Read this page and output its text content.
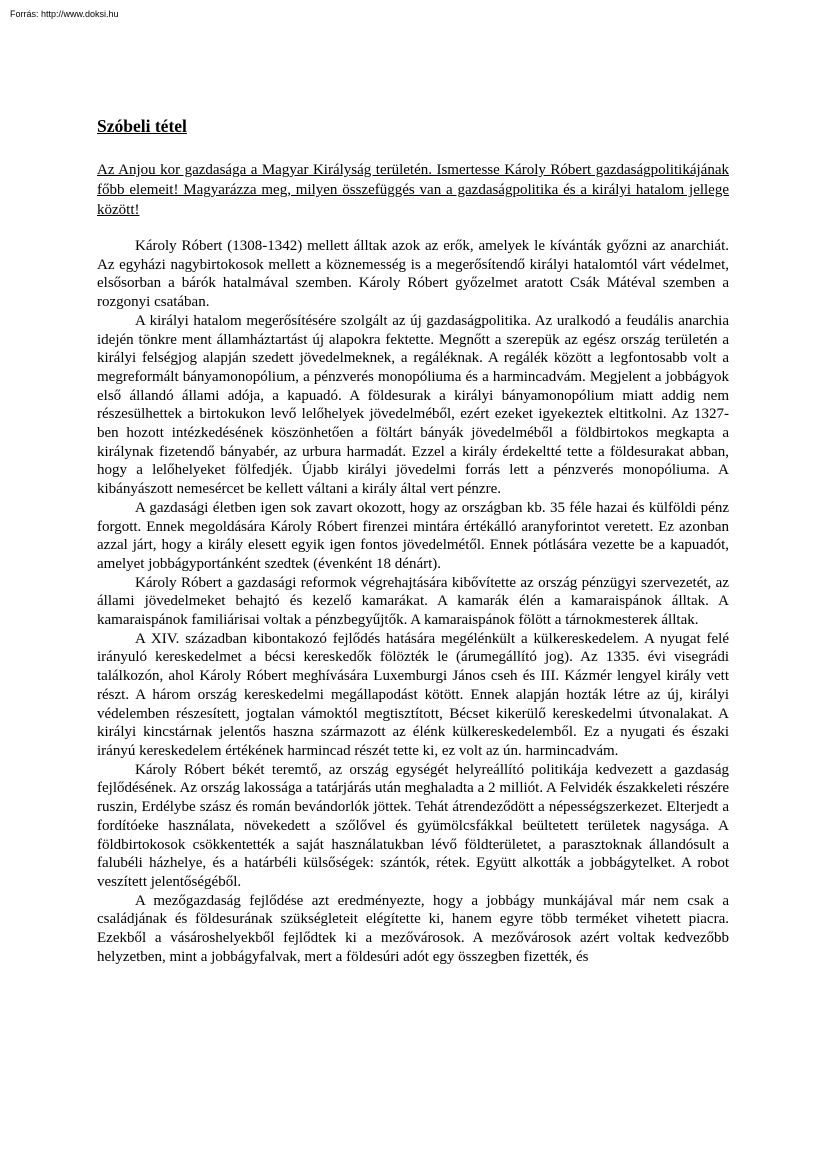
Forrás: http://www.doksi.hu
Szóbeli tétel

Az Anjou kor gazdasága a Magyar Királyság területén. Ismertesse Károly Róbert gazdaságpolitikájának főbb elemeit! Magyarázza meg, milyen összefüggés van a gazdaságpolitika és a királyi hatalom jellege között!

Károly Róbert (1308-1342) mellett álltak azok az erők, amelyek le kívánták győzni az anarchiát. Az egyházi nagybirtokosok mellett a köznemesség is a megerősítendő királyi hatalomtól várt védelmet, elsősorban a bárók hatalmával szemben. Károly Róbert győzelmet aratott Csák Mátéval szemben a rozgonyi csatában.

A királyi hatalom megerősítésére szolgált az új gazdaságpolitika. Az uralkodó a feudális anarchia idején tönkre ment államháztartást új alapokra fektette. Megnőtt a szerepük az egész ország területén a királyi felségjog alapján szedett jövedelmeknek, a regáléknak. A regálék között a legfontosabb volt a megreformált bányamonopólium, a pénzverés monopóliuma és a harmincadvám. Megjelent a jobbágyok első állandó állami adója, a kapuadó. A földesurak a királyi bányamonopólium miatt addig nem részesülhettek a birtokukon levő lelőhelyek jövedelméből, ezért ezeket igyekeztek eltitkolni. Az 1327-ben hozott intézkedésének köszönhetően a föltárt bányák jövedelméből a földbirtokos megkapta a királynak fizetendő bányabér, az urbura harmadát. Ezzel a király érdekeltté tette a földesurakat abban, hogy a lelőhelyeket fölfedjék. Újabb királyi jövedelmi forrás lett a pénzverés monopóliuma. A kibányászott nemesércet be kellett váltani a király által vert pénzre.

A gazdasági életben igen sok zavart okozott, hogy az országban kb. 35 féle hazai és külföldi pénz forgott. Ennek megoldására Károly Róbert firenzei mintára értékálló aranyforintot veretett. Ez azonban azzal járt, hogy a király elesett egyik igen fontos jövedelmétől. Ennek pótlására vezette be a kapuadót, amelyet jobbágyportánként szedtek (évenként 18 dénárt).

Károly Róbert a gazdasági reformok végrehajtására kibővítette az ország pénzügyi szervezetét, az állami jövedelmeket behajtó és kezelő kamarákat. A kamarák élén a kamaraispánok álltak. A kamaraispánok familiárisai voltak a pénzbegyűjtők. A kamaraispánok fölött a tárnokmesterek álltak.

A XIV. században kibontakozó fejlődés hatására megélénkült a külkereskedelem. A nyugat felé irányuló kereskedelmet a bécsi kereskedők fölözték le (árumegállító jog). Az 1335. évi visegrádi találkozón, ahol Károly Róbert meghívására Luxemburgi János cseh és III. Kázmér lengyel király vett részt. A három ország kereskedelmi megállapodást kötött. Ennek alapján hozták létre az új, királyi védelemben részesített, jogtalan vámoktól megtisztított, Bécset kikerülő kereskedelmi útvonalakat. A királyi kincstárnak jelentős haszna származott az élénk külkereskedelemből. Ez a nyugati és északi irányú kereskedelem értékének harmincad részét tette ki, ez volt az ún. harmincadvám.

Károly Róbert békét teremtő, az ország egységét helyreállító politikája kedvezett a gazdaság fejlődésének. Az ország lakossága a tatárjárás után meghaladta a 2 milliót. A Felvidék északkeleti részére ruszin, Erdélybe szász és román bevándorlók jöttek. Tehát átrendeződött a népességszerkezet. Elterjedt a fordítóeke használata, növekedett a szőlővel és gyümölcsfákkal beültetett területek nagysága. A földbirtokosok csökkentették a saját használatukban lévő földterületet, a parasztoknak állandósult a falubéli házhelye, és a határbéli külsőségek: szántók, rétek. Együtt alkották a jobbágytelket. A robot veszített jelentőségéből.

A mezőgazdaság fejlődése azt eredményezte, hogy a jobbágy munkájával már nem csak a családjának és földesurának szükségleteit elégítette ki, hanem egyre több terméket vihetett piacra. Ezekből a vásároshelyekből fejlődtek ki a mezővárosok. A mezővárosok azért voltak kedvezőbb helyzetben, mint a jobbágyfalvak, mert a földesúri adót egy összegben fizették, és
